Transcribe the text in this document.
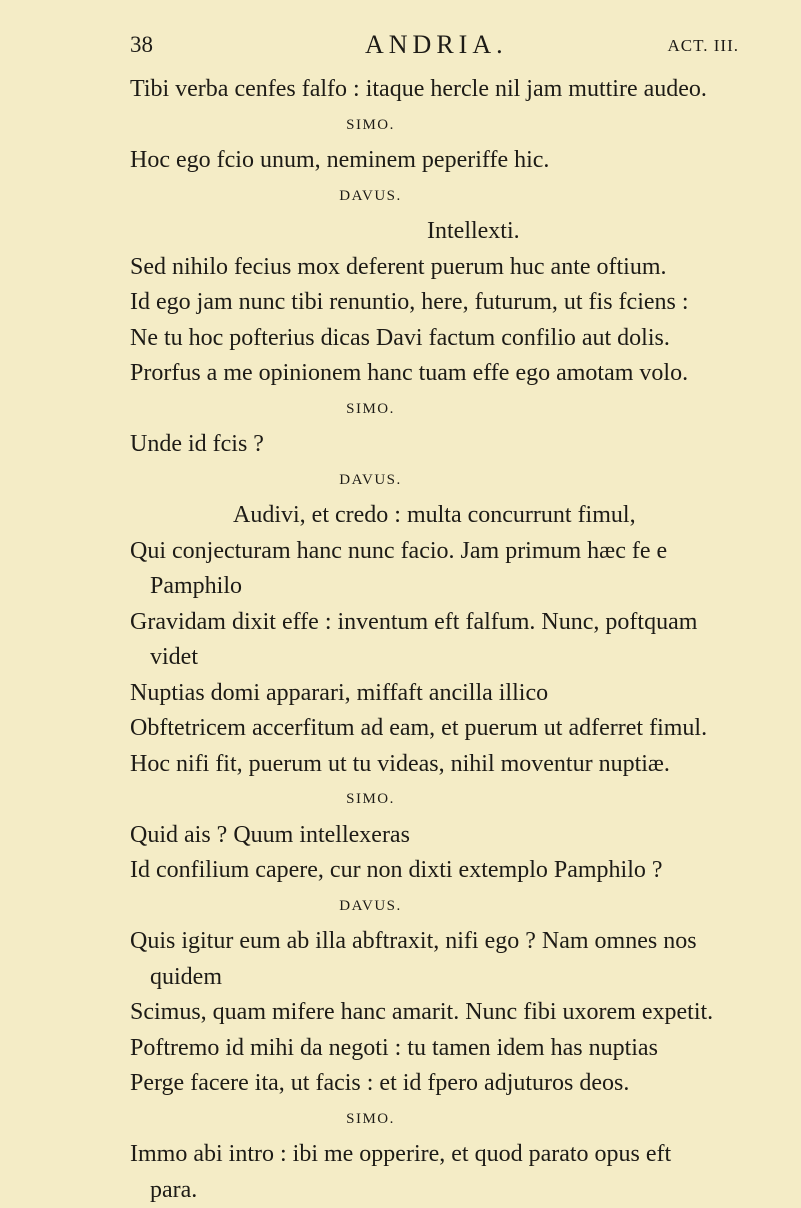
38	ANDRIA.	ACT. III.
Tibi verba cenfes falfo : itaque hercle nil jam muttire audeo.
SIMO.
Hoc ego fcio unum, neminem peperiffe hic.
DAVUS.
Intellexti.
Sed nihilo fecius mox deferent puerum huc ante oftium.
Id ego jam nunc tibi renuntio, here, futurum, ut fis fciens :
Ne tu hoc pofterius dicas Davi factum confilio aut dolis.
Prorfus a me opinionem hanc tuam effe ego amotam volo.
SIMO.
Unde id fcis ?
DAVUS.
Audivi, et credo : multa concurrunt fimul,
Qui conjecturam hanc nunc facio. Jam primum hæc fe e
Pamphilo
Gravidam dixit effe : inventum eft falfum. Nunc, poftquam
videt
Nuptias domi apparari, miffaft ancilla illico
Obftetricem accerfitum ad eam, et puerum ut adferret fimul.
Hoc nifi fit, puerum ut tu videas, nihil moventur nuptiæ.
SIMO.
Quid ais ? Quum intellexeras
Id confilium capere, cur non dixti extemplo Pamphilo ?
DAVUS.
Quis igitur eum ab illa abftraxit, nifi ego ? Nam omnes nos
quidem
Scimus, quam mifere hanc amarit. Nunc fibi uxorem expetit.
Poftremo id mihi da negoti : tu tamen idem has nuptias
Perge facere ita, ut facis : et id fpero adjuturos deos.
SIMO.
Immo abi intro : ibi me opperire, et quod parato opus eft
para.
